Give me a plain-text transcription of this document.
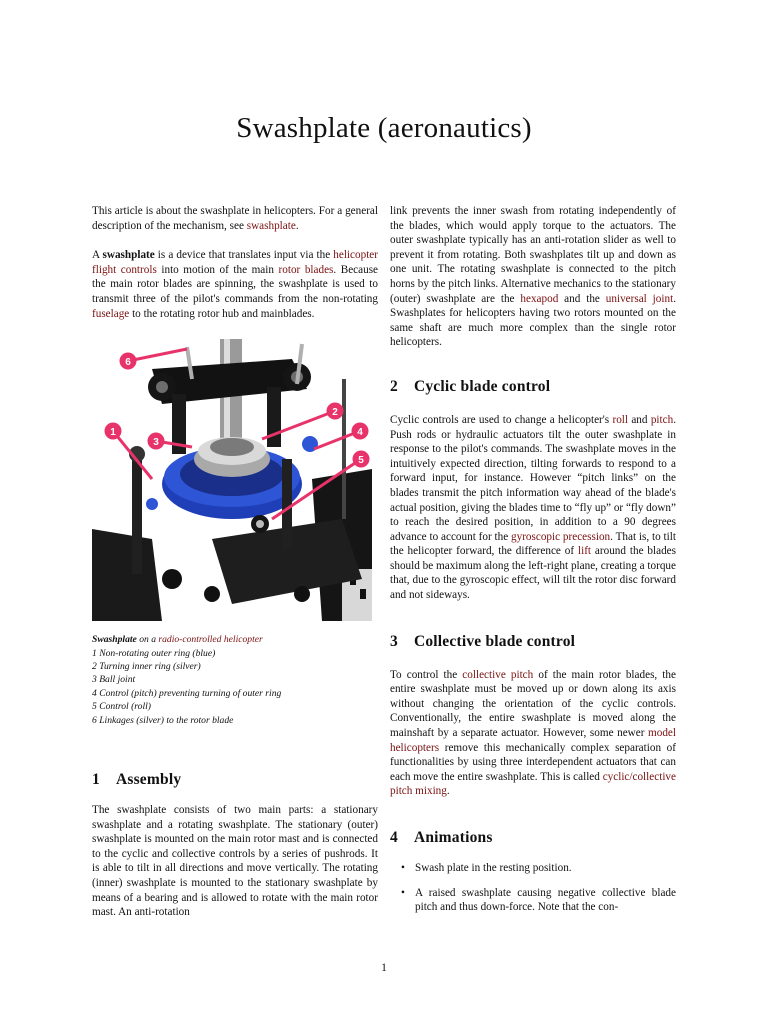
Swashplate (aeronautics)

This article is about the swashplate in helicopters. For a general description of the mechanism, see swashplate.

A swashplate is a device that translates input via the helicopter flight controls into motion of the main rotor blades. Because the main rotor blades are spinning, the swashplate is used to transmit three of the pilot's commands from the non-rotating fuselage to the rotating rotor hub and mainblades.

6
1
2
3
4
5
Swashplate on a radio-controlled helicopter
1 Non-rotating outer ring (blue)
2 Turning inner ring (silver)
3 Ball joint
4 Control (pitch) preventing turning of outer ring
5 Control (roll)
6 Linkages (silver) to the rotor blade
1 Assembly

The swashplate consists of two main parts: a stationary swashplate and a rotating swashplate. The stationary (outer) swashplate is mounted on the main rotor mast and is connected to the cyclic and collective controls by a series of pushrods. It is able to tilt in all directions and move vertically. The rotating (inner) swashplate is mounted to the stationary swashplate by means of a bearing and is allowed to rotate with the main rotor mast. An anti-rotation

link prevents the inner swash from rotating independently of the blades, which would apply torque to the actuators. The outer swashplate typically has an anti-rotation slider as well to prevent it from rotating. Both swashplates tilt up and down as one unit. The rotating swashplate is connected to the pitch horns by the pitch links. Alternative mechanics to the stationary (outer) swashplate are the hexapod and the universal joint. Swashplates for helicopters having two rotors mounted on the same shaft are much more complex than the single rotor helicopters.

2 Cyclic blade control

Cyclic controls are used to change a helicopter's roll and pitch. Push rods or hydraulic actuators tilt the outer swashplate in response to the pilot's commands. The swashplate moves in the intuitively expected direction, tilting forwards to respond to a forward input, for instance. However “pitch links” on the blades transmit the pitch information way ahead of the blade's actual position, giving the blades time to “fly up” or “fly down” to reach the desired position, in addition to a 90 degrees advance to account for the gyroscopic precession. That is, to tilt the helicopter forward, the difference of lift around the blades should be maximum along the left-right plane, creating a torque that, due to the gyroscopic effect, will tilt the rotor disc forward and not sideways.

3 Collective blade control

To control the collective pitch of the main rotor blades, the entire swashplate must be moved up or down along its axis without changing the orientation of the cyclic controls. Conventionally, the entire swashplate is moved along the mainshaft by a separate actuator. However, some newer model helicopters remove this mechanically complex separation of functionalities by using three interdependent actuators that can each move the entire swashplate. This is called cyclic/collective pitch mixing.

4 Animations
• Swash plate in the resting position.
• A raised swashplate causing negative collective blade pitch and thus down-force. Note that the con-
1
